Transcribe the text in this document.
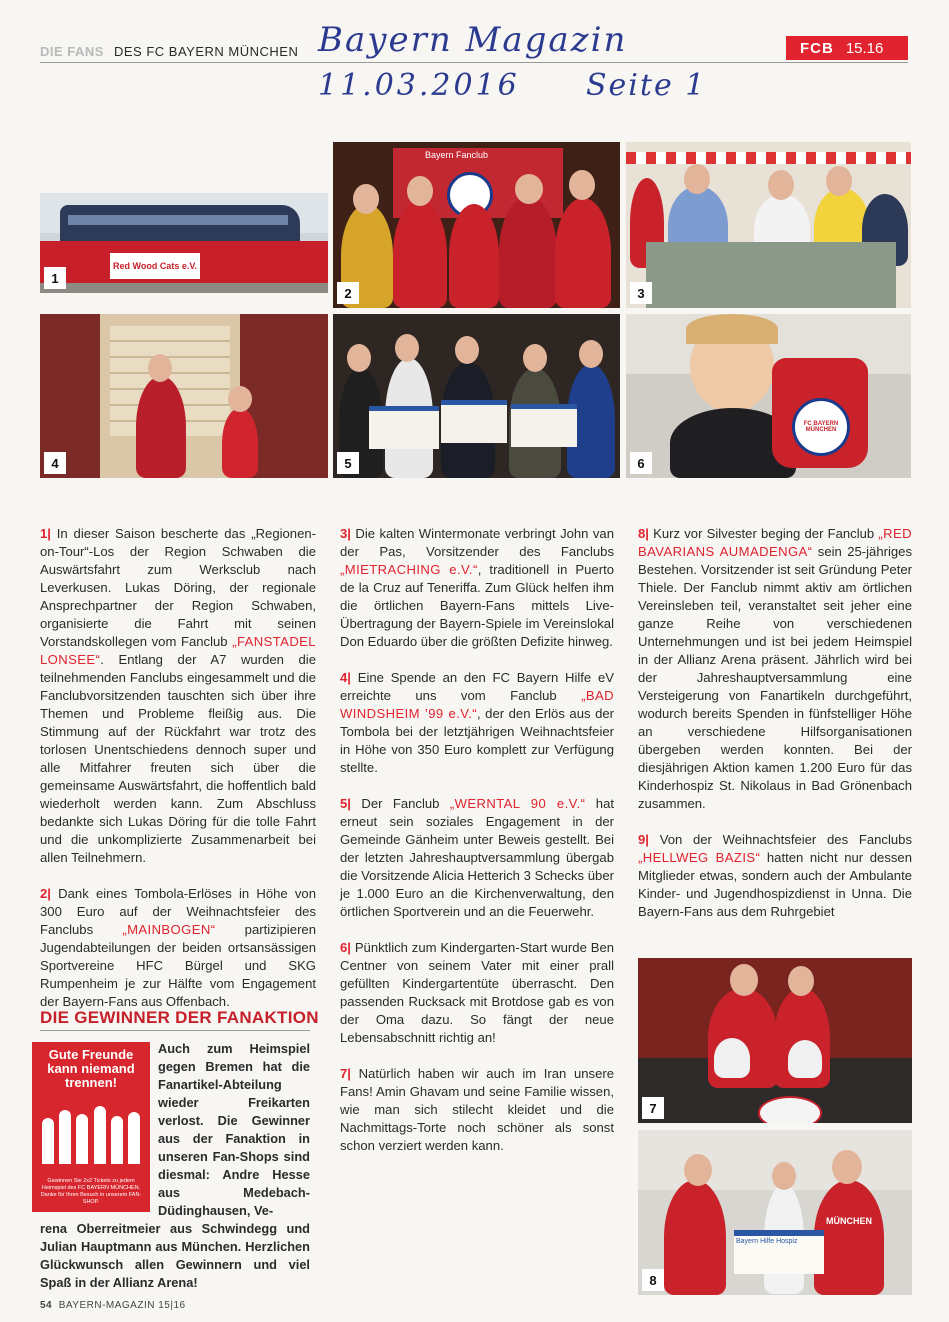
DIE FANS DES FC BAYERN MÜNCHEN	FCB 15.16
Bayern Magazin
11.03.2016 Seite 1
Red Wood Cats e.V.
1
Bayern Fanclub
2	3
4	5
FC BAYERN MÜNCHEN
6

1| In dieser Saison bescherte das „Regionen-on-Tour“-Los der Region Schwaben die Auswärtsfahrt zum Werksclub nach Leverkusen. Lukas Döring, der regionale Ansprechpartner der Region Schwaben, organisierte die Fahrt mit seinen Vorstandskollegen vom Fanclub „FANSTADEL LONSEE“. Entlang der A7 wurden die teilnehmenden Fanclubs eingesammelt und die Fanclubvorsitzenden tauschten sich über ihre Themen und Probleme fleißig aus. Die Stimmung auf der Rückfahrt war trotz des torlosen Unentschiedens dennoch super und alle Mitfahrer freuten sich über die gemeinsame Auswärtsfahrt, die hoffentlich bald wiederholt werden kann. Zum Abschluss bedankte sich Lukas Döring für die tolle Fahrt und die unkomplizierte Zusammenarbeit bei allen Teilnehmern.

2| Dank eines Tombola-Erlöses in Höhe von 300 Euro auf der Weihnachtsfeier des Fanclubs „MAINBOGEN“ partizipieren Jugendabteilungen der beiden ortsansässigen Sportvereine HFC Bürgel und SKG Rumpenheim je zur Hälfte vom Engagement der Bayern-Fans aus Offenbach.

3| Die kalten Wintermonate verbringt John van der Pas, Vorsitzender des Fanclubs „MIETRACHING e.V.“, traditionell in Puerto de la Cruz auf Teneriffa. Zum Glück helfen ihm die örtlichen Bayern-Fans mittels Live-Übertragung der Bayern-Spiele im Vereinslokal Don Eduardo über die größten Defizite hinweg.

4| Eine Spende an den FC Bayern Hilfe eV erreichte uns vom Fanclub „BAD WINDSHEIM ’99 e.V.“, der den Erlös aus der Tombola bei der letztjährigen Weihnachtsfeier in Höhe von 350 Euro komplett zur Verfügung stellte.

5| Der Fanclub „WERNTAL 90 e.V.“ hat erneut sein soziales Engagement in der Gemeinde Gänheim unter Beweis gestellt. Bei der letzten Jahreshauptversammlung übergab die Vorsitzende Alicia Hetterich 3 Schecks über je 1.000 Euro an die Kirchenverwaltung, den örtlichen Sportverein und an die Feuerwehr.

6| Pünktlich zum Kindergarten-Start wurde Ben Centner von seinem Vater mit einer prall gefüllten Kindergartentüte überrascht. Den passenden Rucksack mit Brotdose gab es von der Oma dazu. So fängt der neue Lebensabschnitt richtig an!

7| Natürlich haben wir auch im Iran unsere Fans! Amin Ghavam und seine Familie wissen, wie man sich stilecht kleidet und die Nachmittags-Torte noch schöner als sonst schon verziert werden kann.

8| Kurz vor Silvester beging der Fanclub „RED BAVARIANS AUMADENGA“ sein 25-jähriges Bestehen. Vorsitzender ist seit Gründung Peter Thiele. Der Fanclub nimmt aktiv am örtlichen Vereinsleben teil, veranstaltet seit jeher eine ganze Reihe von verschiedenen Unternehmungen und ist bei jedem Heimspiel in der Allianz Arena präsent. Jährlich wird bei der Jahreshauptversammlung eine Versteigerung von Fanartikeln durchgeführt, wodurch bereits Spenden in fünfstelliger Höhe an verschiedene Hilfsorganisationen übergeben werden konnten. Bei der diesjährigen Aktion kamen 1.200 Euro für das Kinderhospiz St. Nikolaus in Bad Grönenbach zusammen.

9| Von der Weihnachtsfeier des Fanclubs „HELLWEG BAZIS“ hatten nicht nur dessen Mitglieder etwas, sondern auch der Ambulante Kinder- und Jugendhospizdienst in Unna. Die Bayern-Fans aus dem Ruhrgebiet

DIE GEWINNER DER FANAKTION
Gute Freunde kann niemand trennen!
Gewinnen Sie 2x2 Tickets zu jedem Heimspiel des FC BAYERN MÜNCHEN. Danke für Ihren Besuch in unserem FAN-SHOP.
Auch zum Heimspiel gegen Bremen hat die Fanartikel-Abteilung wieder Freikarten verlost. Die Gewinner aus der Fanaktion in unseren Fan-Shops sind diesmal: Andre Hesse aus Medebach-Düdinghausen, Ve-
rena Oberreitmeier aus Schwindegg und Julian Hauptmann aus München. Herzlichen Glückwunsch allen Gewinnern und viel Spaß in der Allianz Arena!
7
MÜNCHEN
Bayern Hilfe Hospiz
8
54 BAYERN-MAGAZIN 15|16
